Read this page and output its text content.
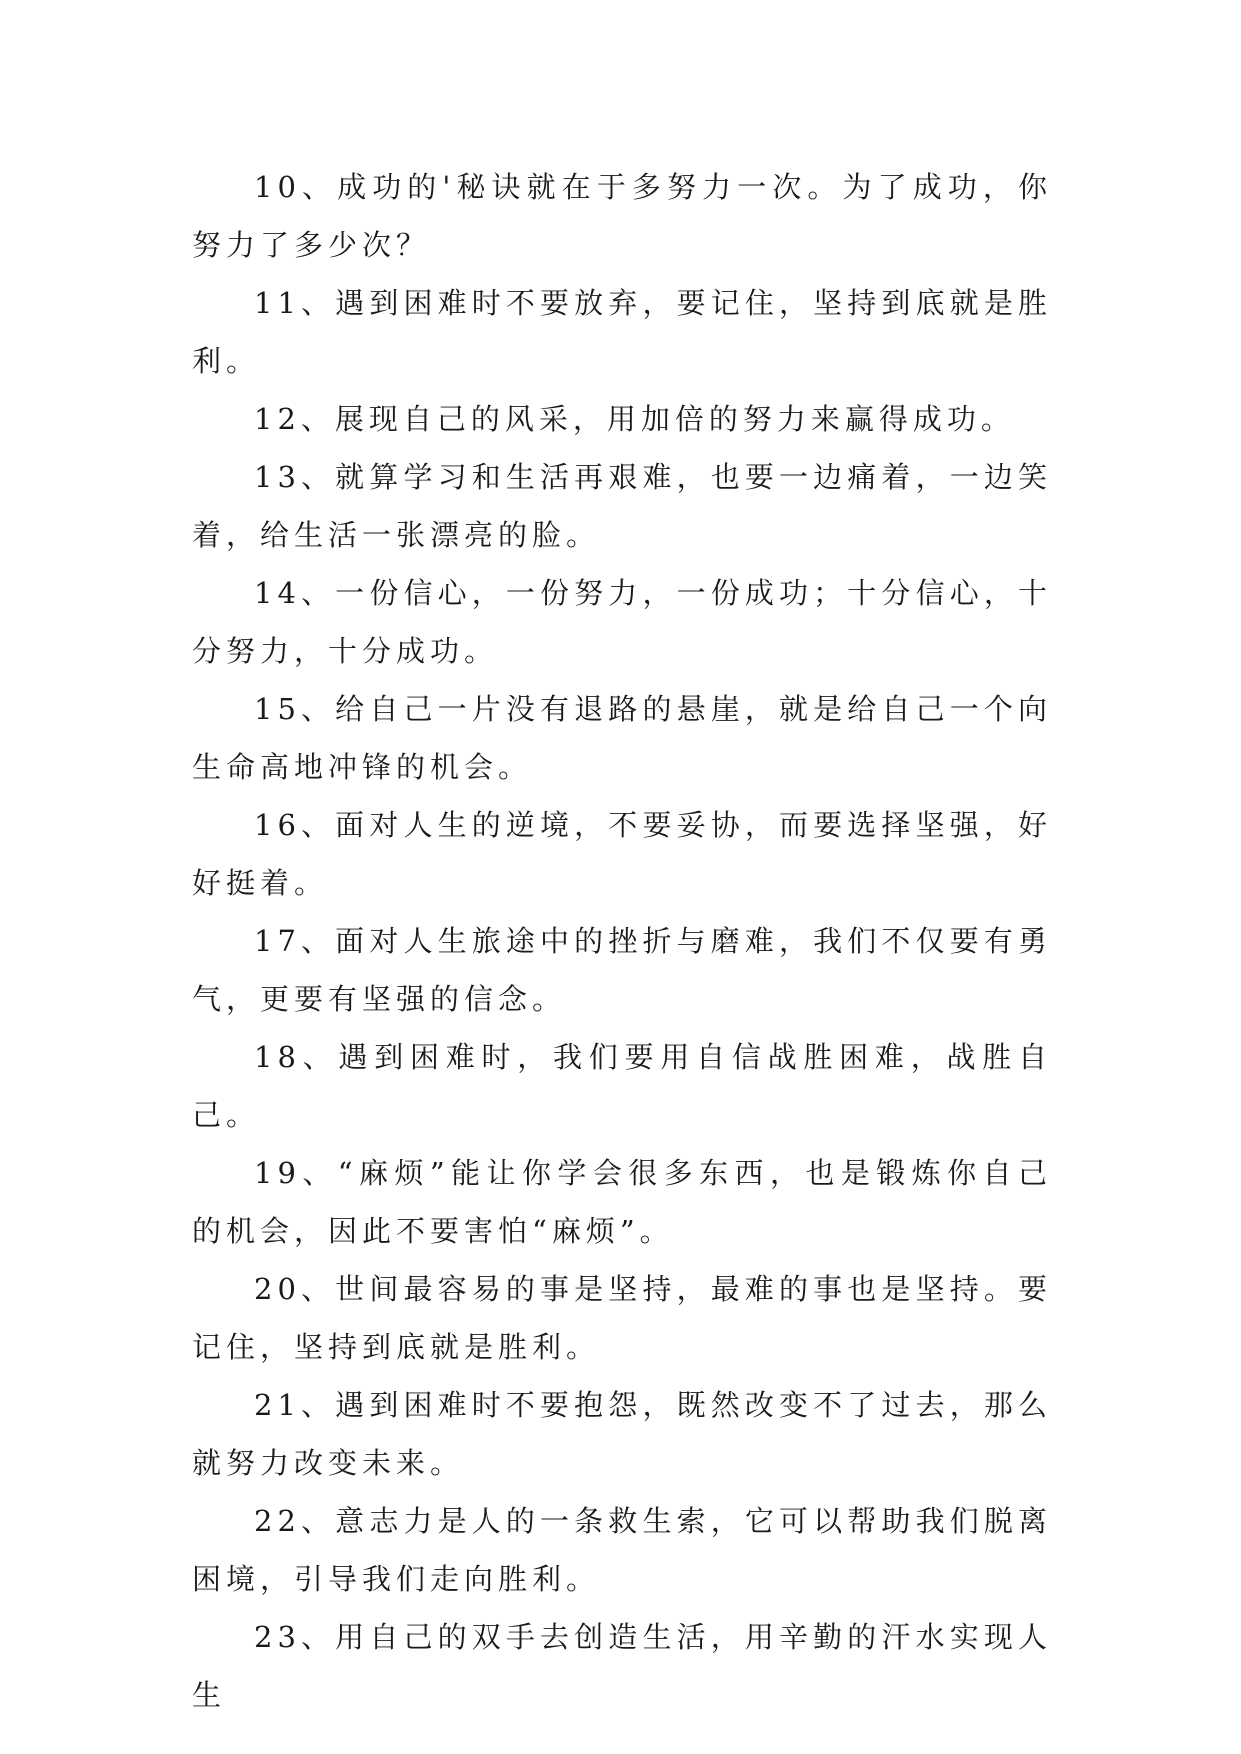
10、成功的'秘诀就在于多努力一次。为了成功，你努力了多少次？

11、遇到困难时不要放弃，要记住，坚持到底就是胜利。

12、展现自己的风采，用加倍的努力来赢得成功。

13、就算学习和生活再艰难，也要一边痛着，一边笑着，给生活一张漂亮的脸。

14、一份信心，一份努力，一份成功；十分信心，十分努力，十分成功。

15、给自己一片没有退路的悬崖，就是给自己一个向生命高地冲锋的机会。

16、面对人生的逆境，不要妥协，而要选择坚强，好好挺着。

17、面对人生旅途中的挫折与磨难，我们不仅要有勇气，更要有坚强的信念。

18、遇到困难时，我们要用自信战胜困难，战胜自己。

19、“麻烦”能让你学会很多东西，也是锻炼你自己的机会，因此不要害怕“麻烦”。

20、世间最容易的事是坚持，最难的事也是坚持。要记住，坚持到底就是胜利。

21、遇到困难时不要抱怨，既然改变不了过去，那么就努力改变未来。

22、意志力是人的一条救生索，它可以帮助我们脱离困境，引导我们走向胜利。

23、用自己的双手去创造生活，用辛勤的汗水实现人生
